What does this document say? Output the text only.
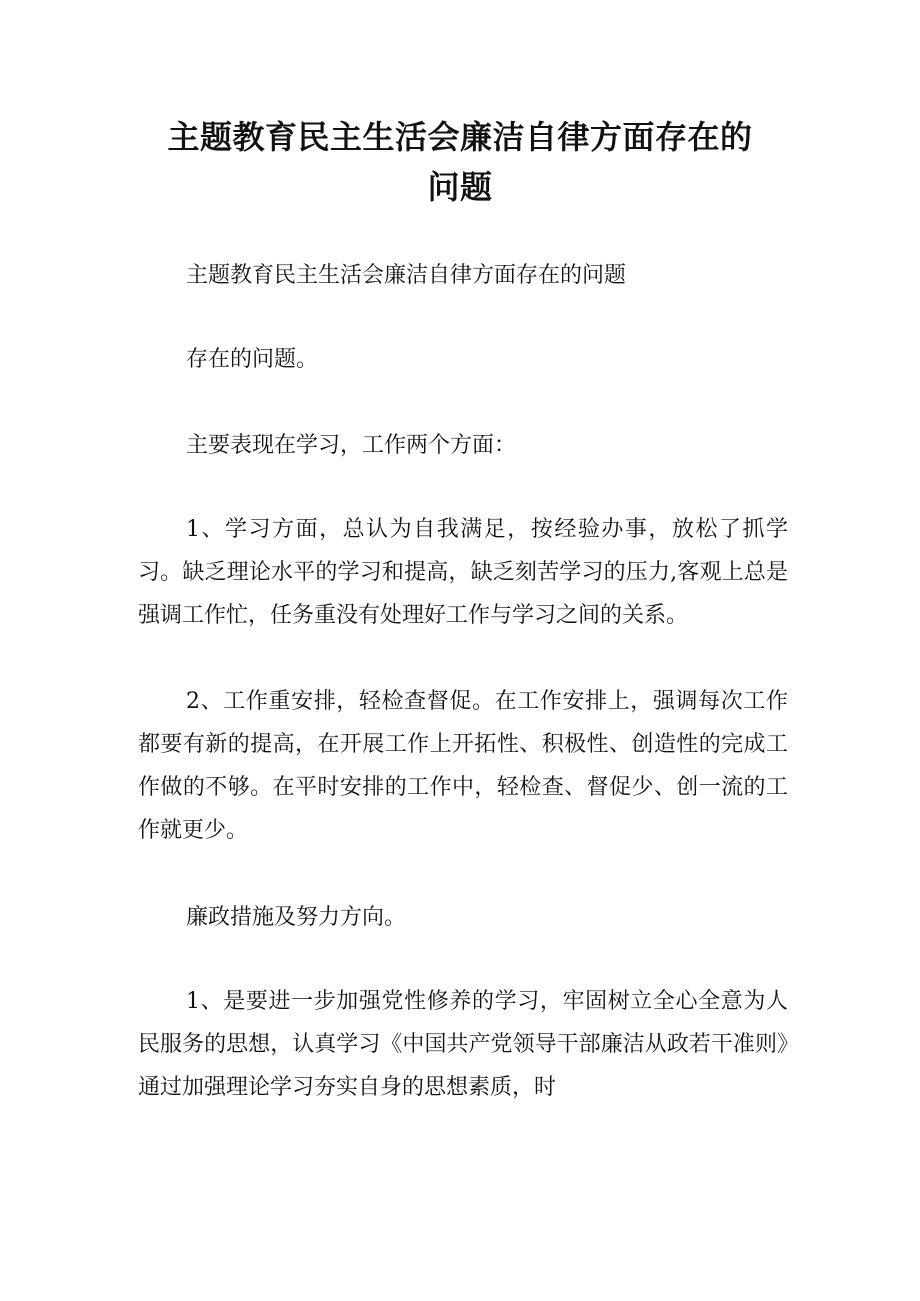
主题教育民主生活会廉洁自律方面存在的
问题

主题教育民主生活会廉洁自律方面存在的问题

存在的问题。

主要表现在学习，工作两个方面：

1、学习方面，总认为自我满足，按经验办事，放松了抓学习。缺乏理论水平的学习和提高，缺乏刻苦学习的压力,客观上总是强调工作忙，任务重没有处理好工作与学习之间的关系。

2、工作重安排，轻检查督促。在工作安排上，强调每次工作都要有新的提高，在开展工作上开拓性、积极性、创造性的完成工作做的不够。在平时安排的工作中，轻检查、督促少、创一流的工作就更少。

廉政措施及努力方向。

1、是要进一步加强党性修养的学习，牢固树立全心全意为人民服务的思想，认真学习《中国共产党领导干部廉洁从政若干准则》通过加强理论学习夯实自身的思想素质，时
